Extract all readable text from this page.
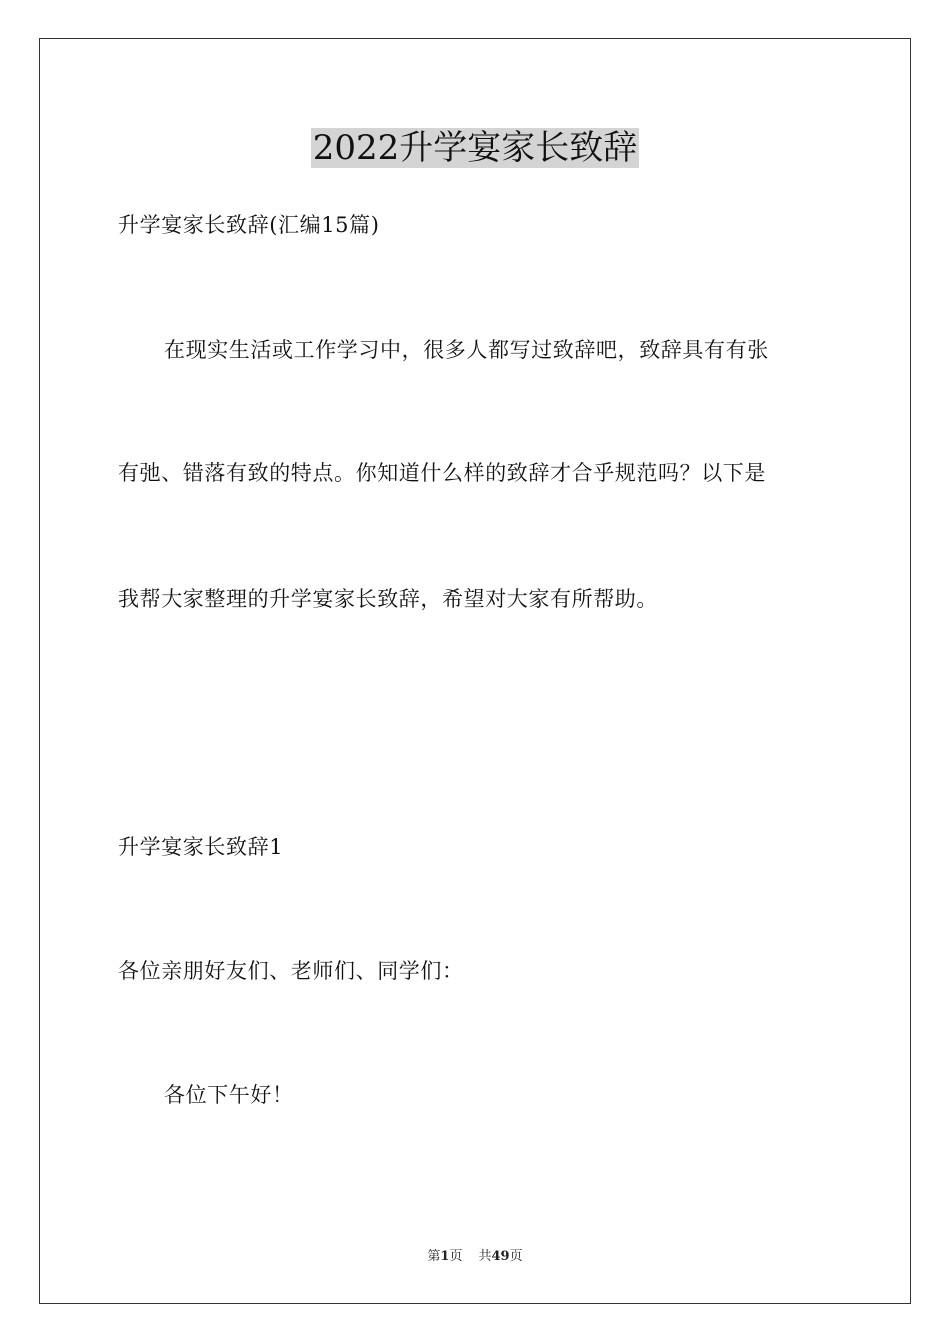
2022升学宴家长致辞
升学宴家长致辞(汇编15篇)
在现实生活或工作学习中，很多人都写过致辞吧，致辞具有有张
有弛、错落有致的特点。你知道什么样的致辞才合乎规范吗？以下是
我帮大家整理的升学宴家长致辞，希望对大家有所帮助。
升学宴家长致辞1
各位亲朋好友们、老师们、同学们：
各位下午好！
第1页 共49页
